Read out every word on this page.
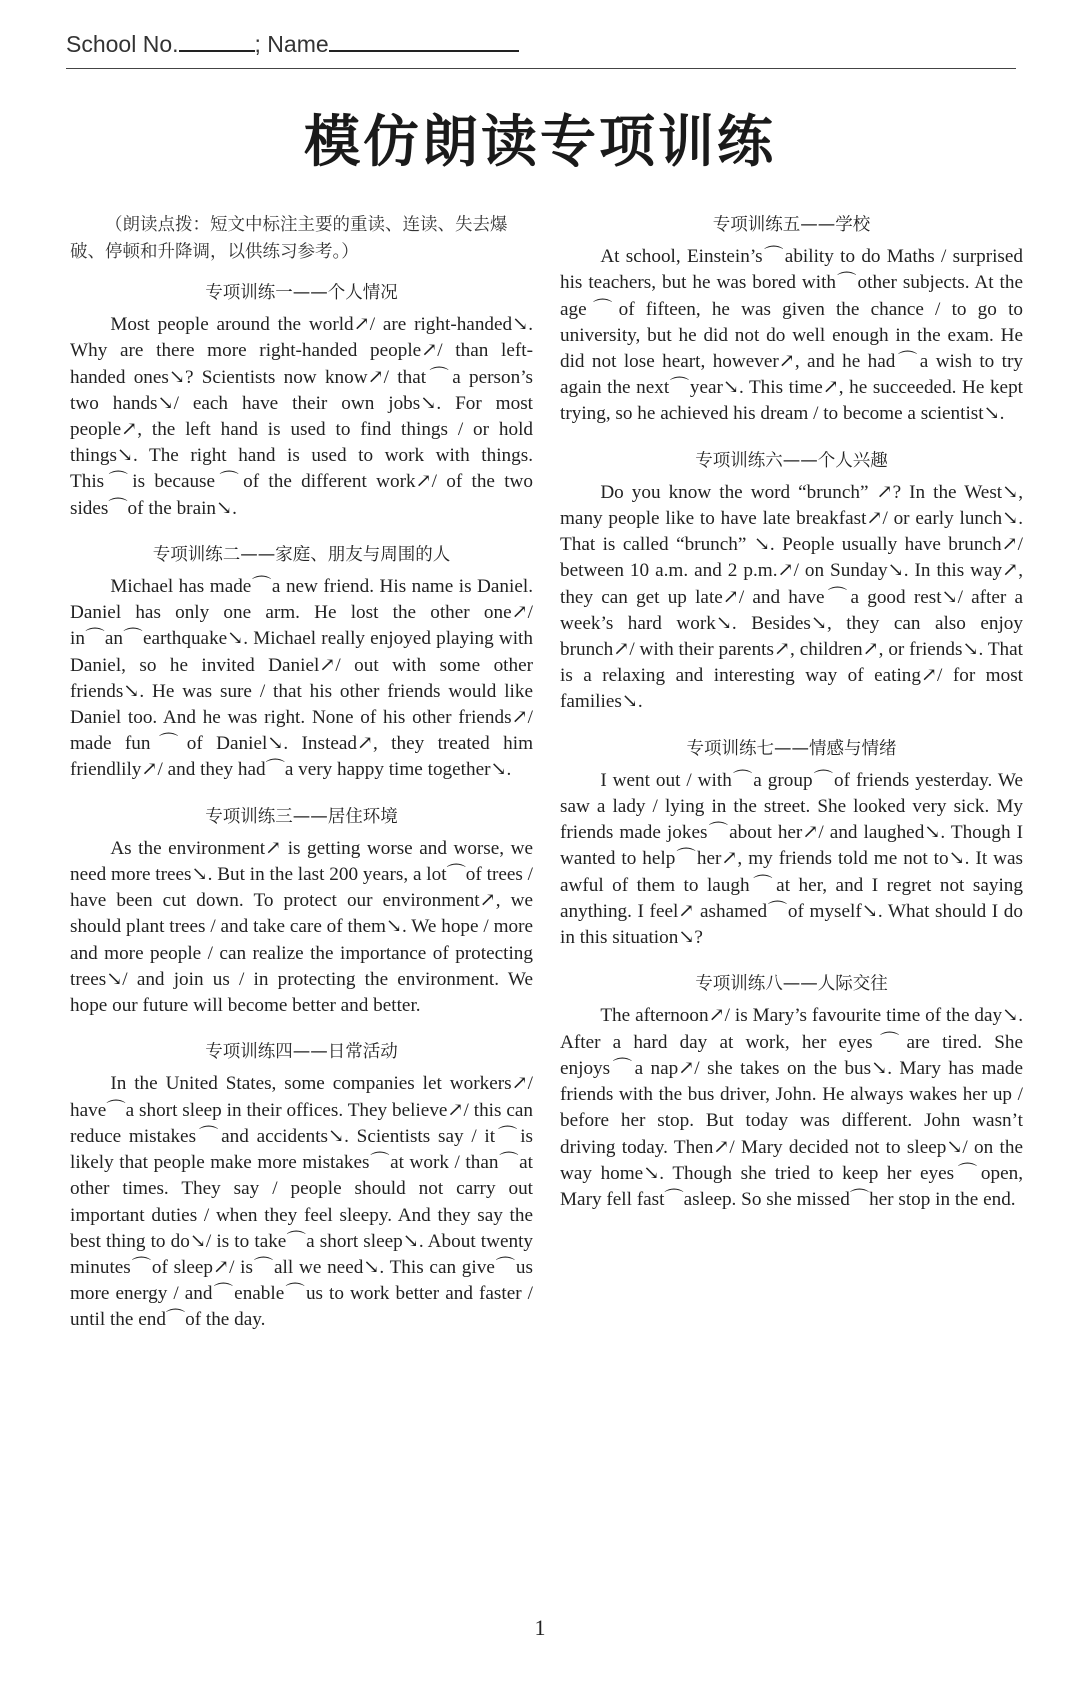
School No.	; Name
模仿朗读专项训练

（朗读点拨：短文中标注主要的重读、连读、失去爆破、停顿和升降调，以供练习参考。）

专项训练一——个人情况

Most people around the world↗/ are right-handed↘. Why are there more right-handed people↗/ than left-handed ones↘? Scientists now know↗/ that⌒a person’s two hands↘/ each have their own jobs↘. For most people↗, the left hand is used to find things / or hold things↘. The right hand is used to work with things. This⌒is because⌒of the different work↗/ of the two sides⌒of the brain↘.

专项训练二——家庭、朋友与周围的人

Michael has made⌒a new friend. His name is Daniel. Daniel has only one arm. He lost the other one↗/ in⌒an⌒earthquake↘. Michael really enjoyed playing with Daniel, so he invited Daniel↗/ out with some other friends↘. He was sure / that his other friends would like Daniel too. And he was right. None of his other friends↗/ made fun⌒of Daniel↘. Instead↗, they treated him friendlily↗/ and they had⌒a very happy time together↘.

专项训练三——居住环境

As the environment↗ is getting worse and worse, we need more trees↘. But in the last 200 years, a lot⌒of trees / have been cut down. To protect our environment↗, we should plant trees / and take care of them↘. We hope / more and more people / can realize the importance of protecting trees↘/ and join us / in protecting the environment. We hope our future will become better and better.

专项训练四——日常活动

In the United States, some companies let workers↗/ have⌒a short sleep in their offices. They believe↗/ this can reduce mistakes⌒and accidents↘. Scientists say / it⌒is likely that people make more mistakes⌒at work / than⌒at other times. They say / people should not carry out important duties / when they feel sleepy. And they say the best thing to do↘/ is to take⌒a short sleep↘. About twenty minutes⌒of sleep↗/ is⌒all we need↘. This can give⌒us more energy / and⌒enable⌒us to work better and faster / until the end⌒of the day.

专项训练五——学校

At school, Einstein’s⌒ability to do Maths / surprised his teachers, but he was bored with⌒other subjects. At the age⌒of fifteen, he was given the chance / to go to university, but he did not do well enough in the exam. He did not lose heart, however↗, and he had⌒a wish to try again the next⌒year↘. This time↗, he succeeded. He kept trying, so he achieved his dream / to become a scientist↘.

专项训练六——个人兴趣

Do you know the word “brunch” ↗? In the West↘, many people like to have late breakfast↗/ or early lunch↘. That is called “brunch” ↘. People usually have brunch↗/ between 10 a.m. and 2 p.m.↗/ on Sunday↘. In this way↗, they can get up late↗/ and have⌒a good rest↘/ after a week’s hard work↘. Besides↘, they can also enjoy brunch↗/ with their parents↗, children↗, or friends↘. That is a relaxing and interesting way of eating↗/ for most families↘.

专项训练七——情感与情绪

I went out / with⌒a group⌒of friends yesterday. We saw a lady / lying in the street. She looked very sick. My friends made jokes⌒about her↗/ and laughed↘. Though I wanted to help⌒her↗, my friends told me not to↘. It was awful of them to laugh⌒at her, and I regret not saying anything. I feel↗ ashamed⌒of myself↘. What should I do in this situation↘?

专项训练八——人际交往

The afternoon↗/ is Mary’s favourite time of the day↘. After a hard day at work, her eyes⌒are tired. She enjoys⌒a nap↗/ she takes on the bus↘. Mary has made friends with the bus driver, John. He always wakes her up / before her stop. But today was different. John wasn’t driving today. Then↗/ Mary decided not to sleep↘/ on the way home↘. Though she tried to keep her eyes⌒open, Mary fell fast⌒asleep. So she missed⌒her stop in the end.

1
